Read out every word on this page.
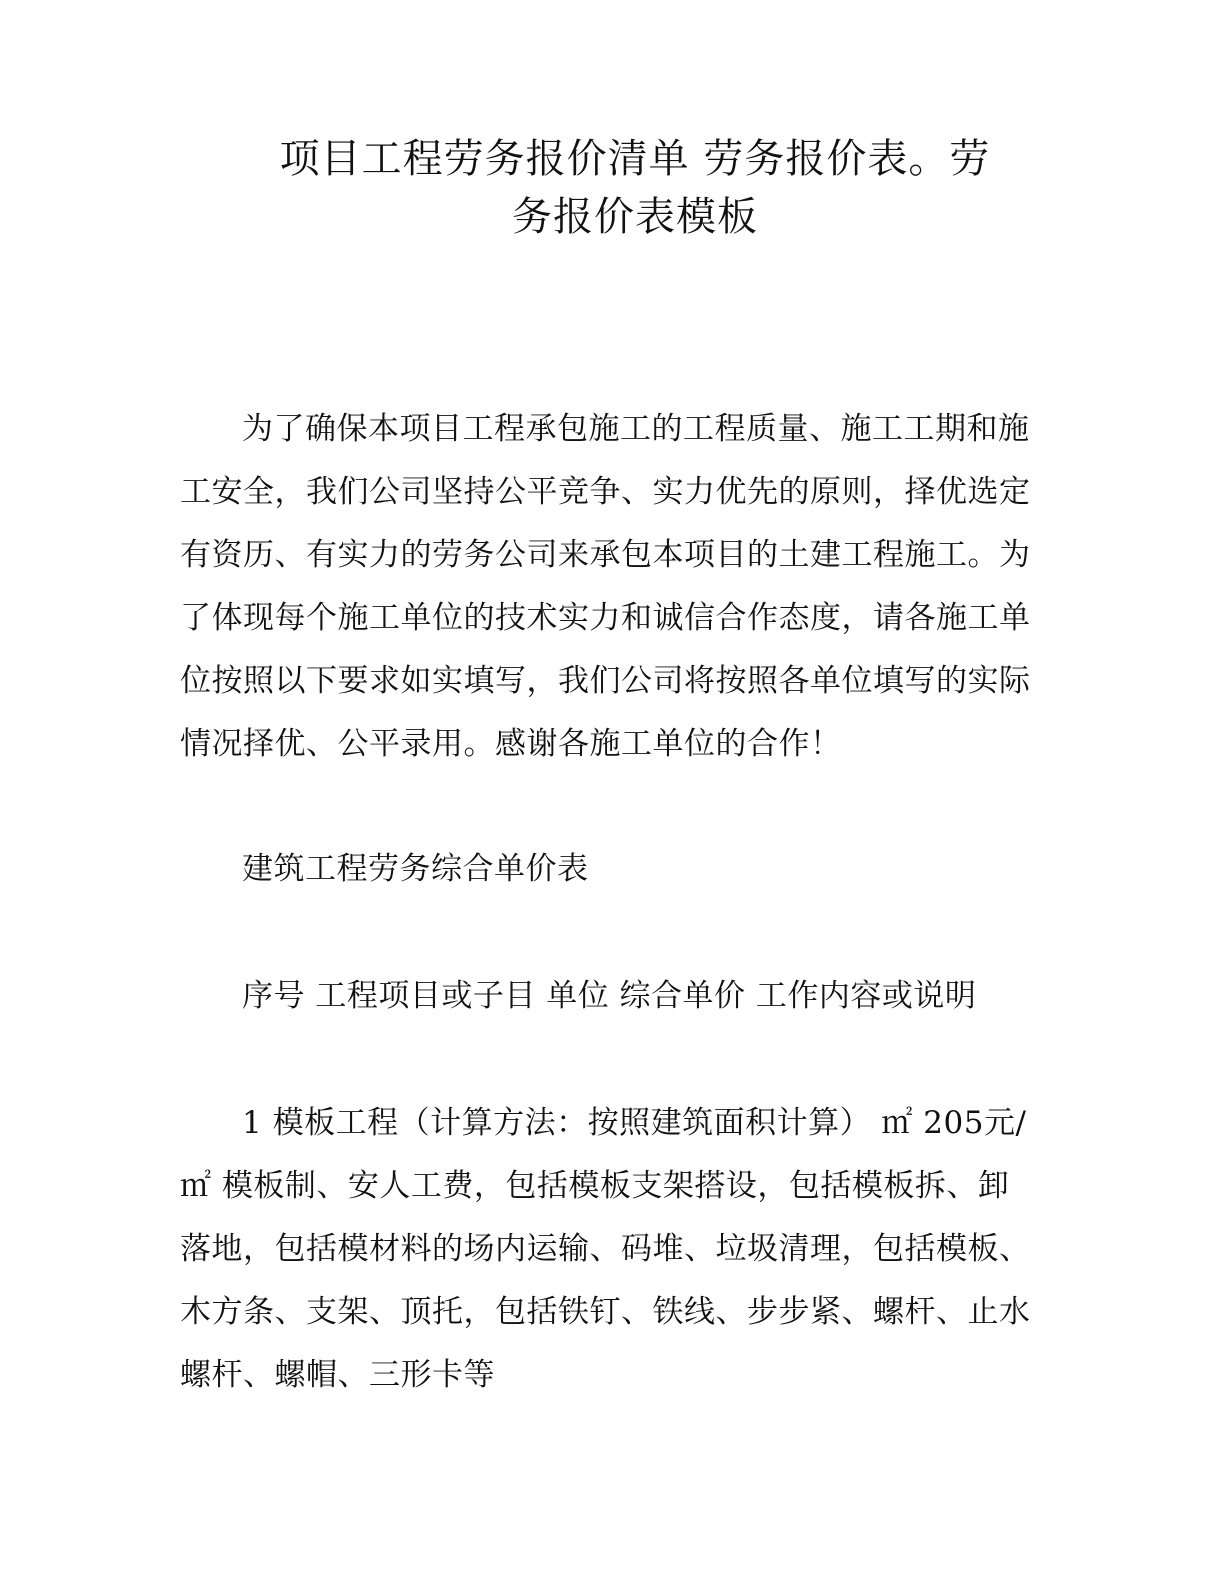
项目工程劳务报价清单 劳务报价表。劳
务报价表模板

为了确保本项目工程承包施工的工程质量、施工工期和施
工安全，我们公司坚持公平竞争、实力优先的原则，择优选定
有资历、有实力的劳务公司来承包本项目的土建工程施工。为
了体现每个施工单位的技术实力和诚信合作态度，请各施工单
位按照以下要求如实填写，我们公司将按照各单位填写的实际
情况择优、公平录用。感谢各施工单位的合作！

建筑工程劳务综合单价表

序号 工程项目或子目 单位 综合单价 工作内容或说明

1 模板工程（计算方法：按照建筑面积计算） ㎡ 205元/
㎡ 模板制、安人工费，包括模板支架搭设，包括模板拆、卸
落地，包括模材料的场内运输、码堆、垃圾清理，包括模板、
木方条、支架、顶托，包括铁钉、铁线、步步紧、螺杆、止水
螺杆、螺帽、三形卡等
